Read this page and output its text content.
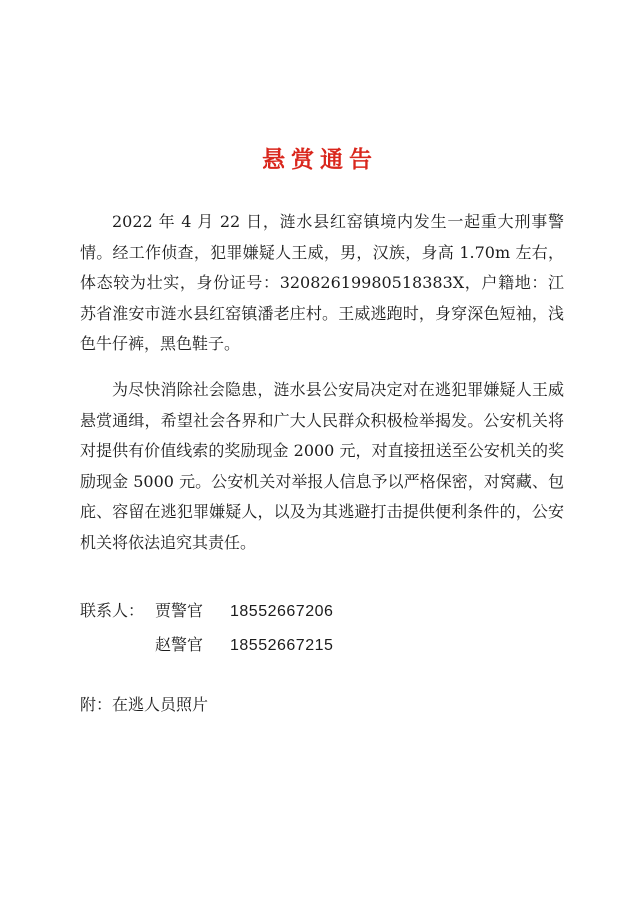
悬赏通告

2022 年 4 月 22 日，涟水县红窑镇境内发生一起重大刑事警情。经工作侦查，犯罪嫌疑人王威，男，汉族，身高 1.70m 左右，体态较为壮实，身份证号：32082619980518383X，户籍地：江苏省淮安市涟水县红窑镇潘老庄村。王威逃跑时，身穿深色短袖，浅色牛仔裤，黑色鞋子。

为尽快消除社会隐患，涟水县公安局决定对在逃犯罪嫌疑人王威悬赏通缉，希望社会各界和广大人民群众积极检举揭发。公安机关将对提供有价值线索的奖励现金 2000 元，对直接扭送至公安机关的奖励现金 5000 元。公安机关对举报人信息予以严格保密，对窝藏、包庇、容留在逃犯罪嫌疑人，以及为其逃避打击提供便利条件的，公安机关将依法追究其责任。

联系人： 贾警官 18552667206
赵警官 18552667215
附：在逃人员照片
